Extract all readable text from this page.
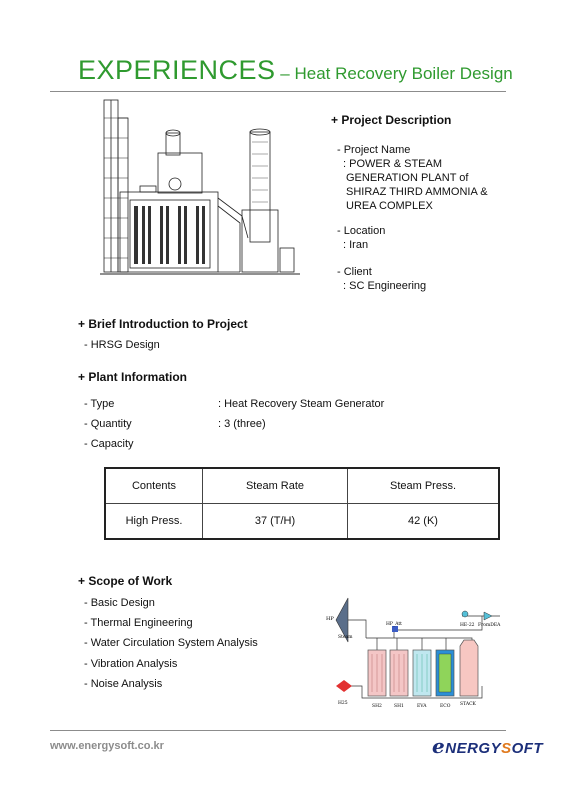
EXPERIENCES – Heat Recovery Boiler Design
+ Project Description
- Project Name
: POWER & STEAM
GENERATION PLANT of
SHIRAZ THIRD AMMONIA &
UREA COMPLEX
- Location
: Iran
- Client
: SC Engineering
+ Brief Introduction to Project
- HRSG Design
+ Plant Information
- Type	: Heat Recovery Steam Generator
- Quantity	: 3 (three)
- Capacity
Contents	Steam Rate	Steam Press.
High Press.	37 (T/H)	42 (K)
+ Scope of Work
- Basic Design
- Thermal Engineering
- Water Circulation System Analysis
- Vibration Analysis
- Noise Analysis
HP
Steam
HP_Att	HE-22 FromDEA
H25
SH2	SH1	EVA	ECO STACK
www.energysoft.co.kr	eNERGYSOFT
